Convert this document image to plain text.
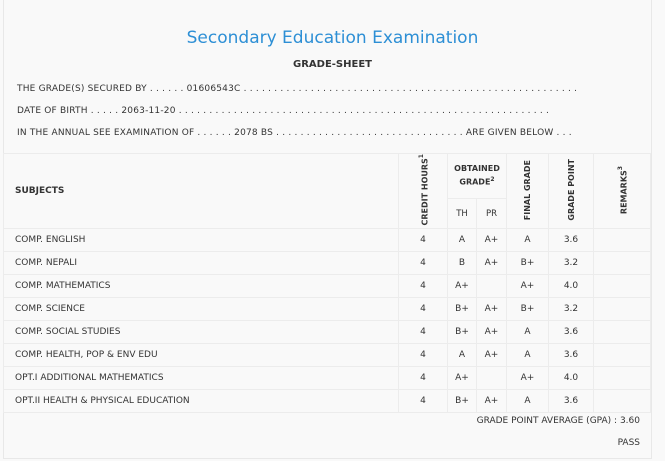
Secondary Education Examination
GRADE-SHEET
THE GRADE(S) SECURED BY . . . . . . 01606543C . . . . . . . . . . . . . . . . . . . . . . . . . . . . . . . . . . . . . . . . . . . . . . . . . . . . . . .
DATE OF BIRTH . . . . . 2063-11-20 . . . . . . . . . . . . . . . . . . . . . . . . . . . . . . . . . . . . . . . . . . . . . . . . . . . . . . . . . . . . .
IN THE ANNUAL SEE EXAMINATION OF . . . . . . 2078 BS . . . . . . . . . . . . . . . . . . . . . . . . . . . . . . . ARE GIVEN BELOW . . .
SUBJECTS	CREDIT HOURS$^1$	OBTAINED GRADE$^2$		FINAL GRADE	GRADE POINT	REMARKS$^3$
		TH	PR			
COMP. ENGLISH	4	A	A+	A	3.6	
COMP. NEPALI	4	B	A+	B+	3.2	
COMP. MATHEMATICS	4	A+		A+	4.0	
COMP. SCIENCE	4	B+	A+	B+	3.2	
COMP. SOCIAL STUDIES	4	B+	A+	A	3.6	
COMP. HEALTH, POP & ENV EDU	4	A	A+	A	3.6	
OPT.I ADDITIONAL MATHEMATICS	4	A+		A+	4.0	
OPT.II HEALTH & PHYSICAL EDUCATION	4	B+	A+	A	3.6	
GRADE POINT AVERAGE (GPA) : 3.60
PASS
